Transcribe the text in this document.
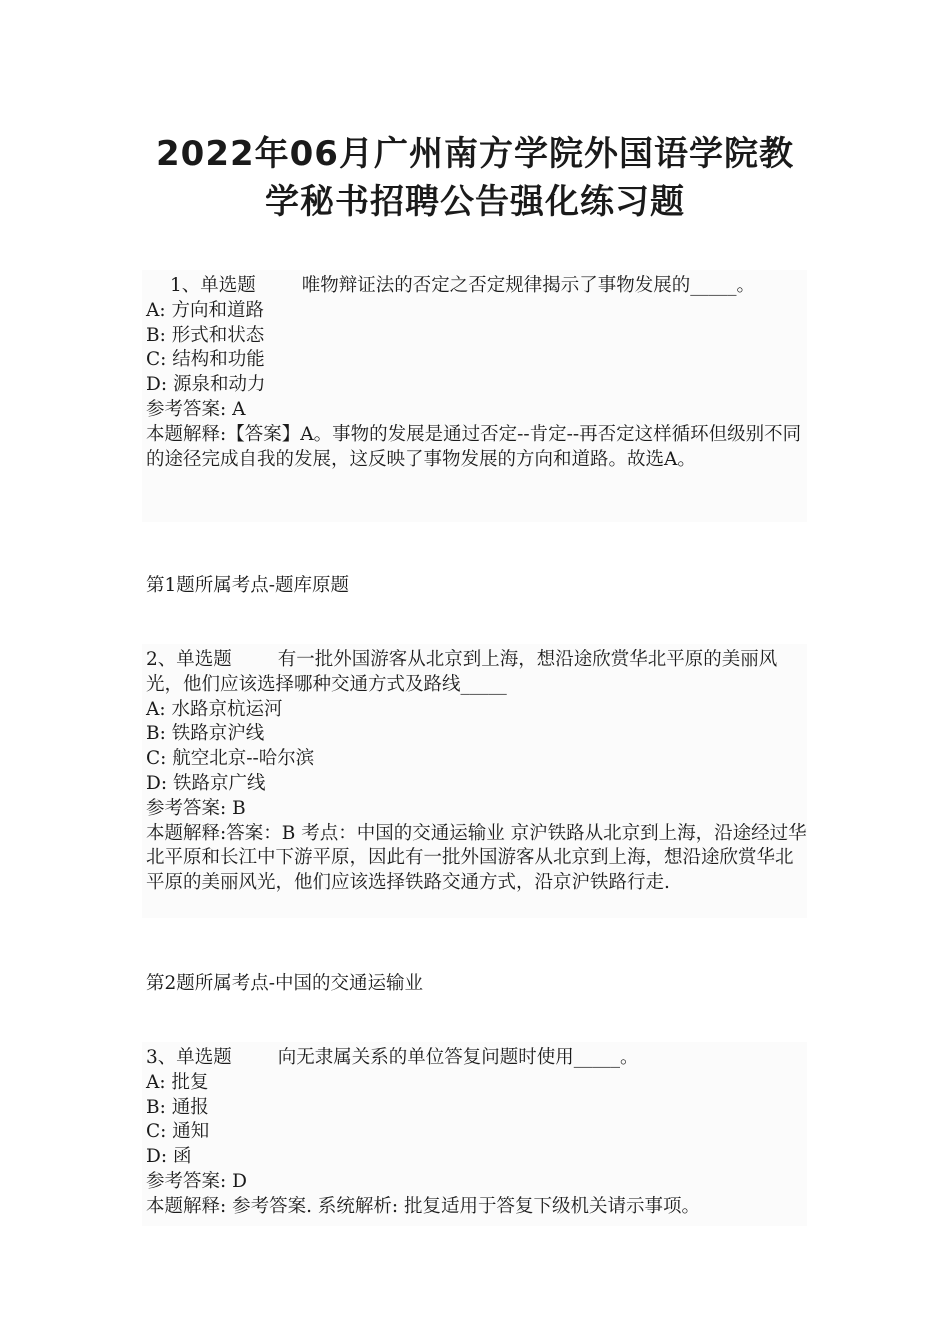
2022年06月广州南方学院外国语学院教
学秘书招聘公告强化练习题
1、单选题 唯物辩证法的否定之否定规律揭示了事物发展的_____。
A: 方向和道路
B: 形式和状态
C: 结构和功能
D: 源泉和动力
参考答案: A
本题解释:【答案】A。事物的发展是通过否定--肯定--再否定这样循环但级别不同的途径完成自我的发展，这反映了事物发展的方向和道路。故选A。
第1题所属考点-题库原题
2、单选题 有一批外国游客从北京到上海，想沿途欣赏华北平原的美丽风光，他们应该选择哪种交通方式及路线_____
A: 水路京杭运河
B: 铁路京沪线
C: 航空北京--哈尔滨
D: 铁路京广线
参考答案: B
本题解释:答案：B 考点：中国的交通运输业 京沪铁路从北京到上海，沿途经过华北平原和长江中下游平原，因此有一批外国游客从北京到上海，想沿途欣赏华北平原的美丽风光，他们应该选择铁路交通方式，沿京沪铁路行走.
第2题所属考点-中国的交通运输业
3、单选题 向无隶属关系的单位答复问题时使用_____。
A: 批复
B: 通报
C: 通知
D: 函
参考答案: D
本题解释: 参考答案. 系统解析: 批复适用于答复下级机关请示事项。
